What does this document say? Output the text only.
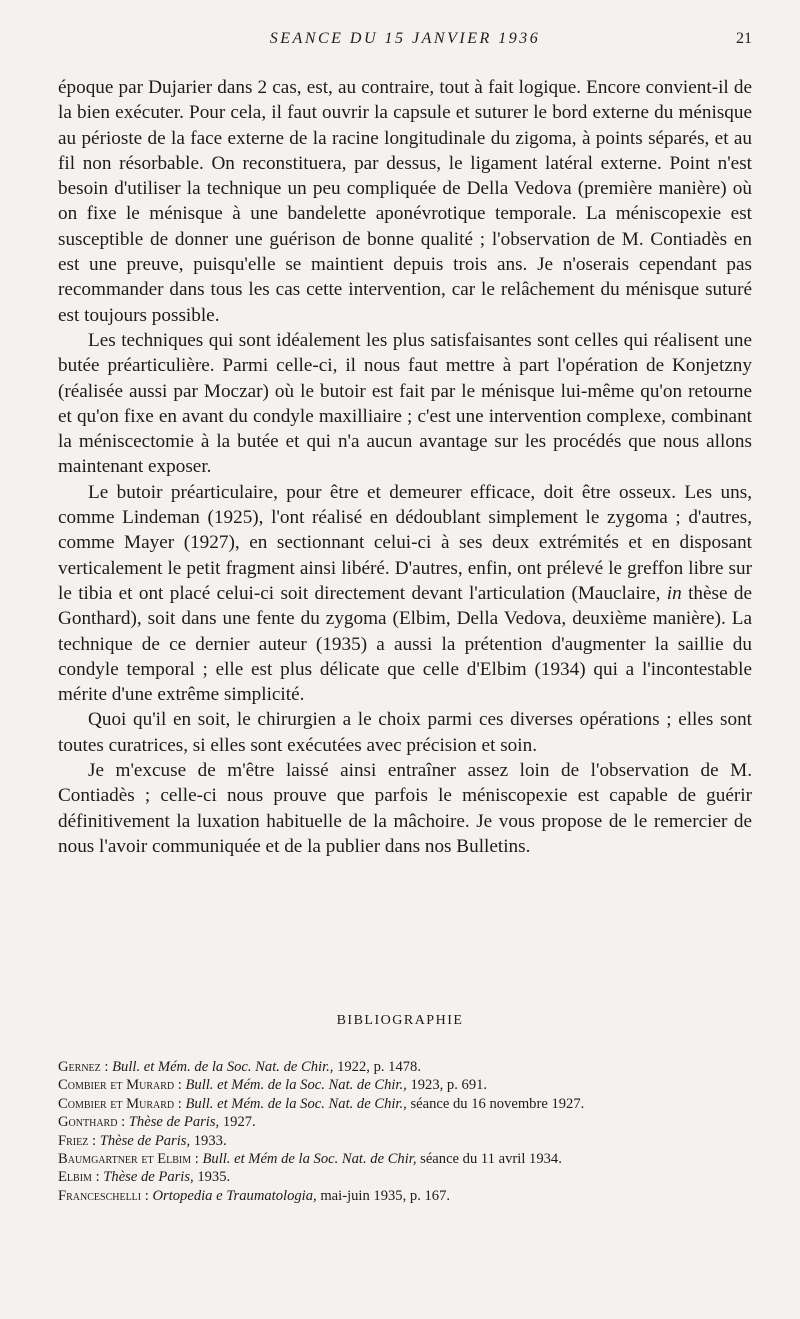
SEANCE DU 15 JANVIER 1936	21

époque par Dujarier dans 2 cas, est, au contraire, tout à fait logique. Encore convient-il de la bien exécuter. Pour cela, il faut ouvrir la capsule et suturer le bord externe du ménisque au périoste de la face externe de la racine longitudinale du zigoma, à points séparés, et au fil non résorbable. On reconstituera, par dessus, le ligament latéral externe. Point n'est besoin d'utiliser la technique un peu compliquée de Della Vedova (première manière) où on fixe le ménisque à une bandelette aponévrotique temporale. La méniscopexie est susceptible de donner une guérison de bonne qualité ; l'observation de M. Contiadès en est une preuve, puisqu'elle se maintient depuis trois ans. Je n'oserais cependant pas recommander dans tous les cas cette intervention, car le relâchement du ménisque suturé est toujours possible.

Les techniques qui sont idéalement les plus satisfaisantes sont celles qui réalisent une butée préarticulière. Parmi celle-ci, il nous faut mettre à part l'opération de Konjetzny (réalisée aussi par Moczar) où le butoir est fait par le ménisque lui-même qu'on retourne et qu'on fixe en avant du condyle maxilliaire ; c'est une intervention complexe, combinant la méniscectomie à la butée et qui n'a aucun avantage sur les procédés que nous allons maintenant exposer.

Le butoir préarticulaire, pour être et demeurer efficace, doit être osseux. Les uns, comme Lindeman (1925), l'ont réalisé en dédoublant simplement le zygoma ; d'autres, comme Mayer (1927), en sectionnant celui-ci à ses deux extrémités et en disposant verticalement le petit fragment ainsi libéré. D'autres, enfin, ont prélevé le greffon libre sur le tibia et ont placé celui-ci soit directement devant l'articulation (Mauclaire, in thèse de Gonthard), soit dans une fente du zygoma (Elbim, Della Vedova, deuxième manière). La technique de ce dernier auteur (1935) a aussi la prétention d'augmenter la saillie du condyle temporal ; elle est plus délicate que celle d'Elbim (1934) qui a l'incontestable mérite d'une extrême simplicité.

Quoi qu'il en soit, le chirurgien a le choix parmi ces diverses opérations ; elles sont toutes curatrices, si elles sont exécutées avec précision et soin.

Je m'excuse de m'être laissé ainsi entraîner assez loin de l'observation de M. Contiadès ; celle-ci nous prouve que parfois le méniscopexie est capable de guérir définitivement la luxation habituelle de la mâchoire. Je vous propose de le remercier de nous l'avoir communiquée et de la publier dans nos Bulletins.

BIBLIOGRAPHIE
Gernez : Bull. et Mém. de la Soc. Nat. de Chir., 1922, p. 1478.
Combier et Murard : Bull. et Mém. de la Soc. Nat. de Chir., 1923, p. 691.
Combier et Murard : Bull. et Mém. de la Soc. Nat. de Chir., séance du 16 novembre 1927.
Gonthard : Thèse de Paris, 1927.
Friez : Thèse de Paris, 1933.
Baumgartner et Elbim : Bull. et Mém de la Soc. Nat. de Chir, séance du 11 avril 1934.
Elbim : Thèse de Paris, 1935.
Franceschelli : Ortopedia e Traumatologia, mai-juin 1935, p. 167.
